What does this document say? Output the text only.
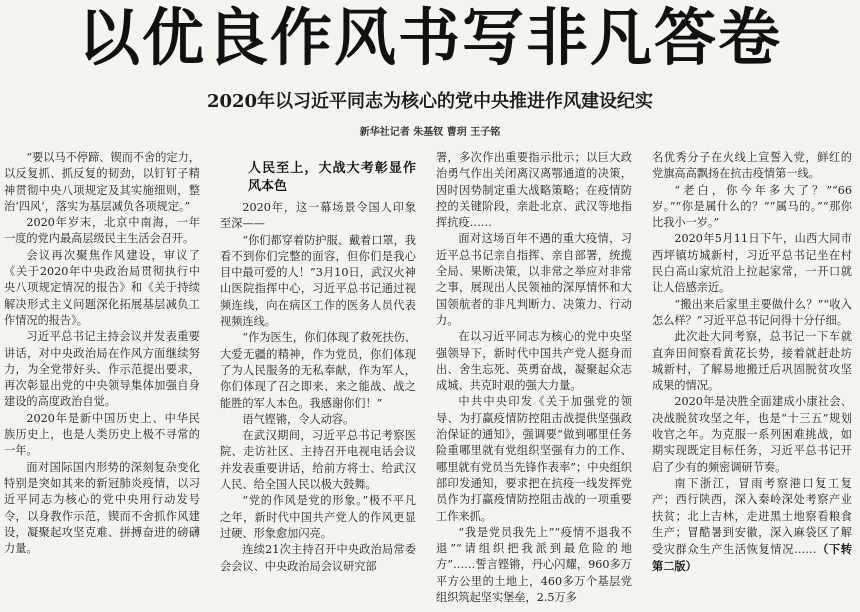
以优良作风书写非凡答卷
2020年以习近平同志为核心的党中央推进作风建设纪实
新华社记者 朱基钗 曹玥 王子铭

“要以马不停蹄、锲而不舍的定力，以反复抓、抓反复的韧劲，以钉钉子精神贯彻中央八项规定及其实施细则，整治‘四风’，落实为基层减负各项规定。”

2020年岁末，北京中南海，一年一度的党内最高层级民主生活会召开。

会议再次聚焦作风建设，审议了《关于2020年中央政治局贯彻执行中央八项规定情况的报告》和《关于持续解决形式主义问题深化拓展基层减负工作情况的报告》。

习近平总书记主持会议并发表重要讲话，对中央政治局在作风方面继续努力，为全党带好头、作示范提出要求，再次彰显出党的中央领导集体加强自身建设的高度政治自觉。

2020年是新中国历史上、中华民族历史上，也是人类历史上极不寻常的一年。

面对国际国内形势的深刻复杂变化特别是突如其来的新冠肺炎疫情，以习近平同志为核心的党中央用行动发号令，以身教作示范，锲而不舍抓作风建设，凝聚起攻坚克难、拼搏奋进的磅礴力量。

人民至上，大战大考彰显作风本色

2020年，这一幕场景令国人印象至深——

“你们都穿着防护服、戴着口罩，我看不到你们完整的面容，但你们是我心目中最可爱的人！”3月10日，武汉火神山医院指挥中心，习近平总书记通过视频连线，向在病区工作的医务人员代表视频连线。

“作为医生，你们体现了救死扶伤、大爱无疆的精神，作为党员，你们体现了为人民服务的无私奉献，作为军人，你们体现了召之即来、来之能战、战之能胜的军人本色。我感谢你们！”

语气铿锵，令人动容。

在武汉期间，习近平总书记考察医院、走访社区、主持召开电视电话会议并发表重要讲话，给前方将士、给武汉人民、给全国人民以极大鼓舞。

“党的作风是党的形象。”极不平凡之年，新时代中国共产党人的作风更显过硬、形象愈加闪亮。

连续21次主持召开中央政治局常委会会议、中央政治局会议研究部

署，多次作出重要指示批示；以巨大政治勇气作出关闭离汉离鄂通道的决策，因时因势制定重大战略策略；在疫情防控的关键阶段，亲赴北京、武汉等地指挥抗疫……

面对这场百年不遇的重大疫情，习近平总书记亲自指挥、亲自部署，统揽全局、果断决策，以非常之举应对非常之事，展现出人民领袖的深厚情怀和大国领航者的非凡判断力、决策力、行动力。

在以习近平同志为核心的党中央坚强领导下，新时代中国共产党人挺身而出、舍生忘死、英勇奋战，凝聚起众志成城、共克时艰的强大力量。

中共中央印发《关于加强党的领导、为打赢疫情防控阻击战提供坚强政治保证的通知》，强调要“做到哪里任务险重哪里就有党组织坚强有力的工作、哪里就有党员当先锋作表率”；中央组织部印发通知，要求把在抗疫一线发挥党员作为打赢疫情防控阻击战的一项重要工作来抓。

“我是党员我先上”“疫情不退我不退”“请组织把我派到最危险的地方”……誓言铿锵，丹心闪耀，960多万平方公里的土地上，460多万个基层党组织筑起坚实堡垒，2.5万多

名优秀分子在火线上宣誓入党，鲜红的党旗高高飘扬在抗击疫情第一线。

“老白，你今年多大了？”“66岁。”“你是属什么的？”“属马的。”“那你比我小一岁。”

2020年5月11日下午，山西大同市西坪镇坊城新村，习近平总书记坐在村民白高山家炕沿上拉起家常，一开口就让人倍感亲近。

“搬出来后家里主要做什么？”“收入怎么样？”习近平总书记问得十分仔细。

此次赴大同考察，总书记一下车就直奔田间察看黄花长势，接着就赶赴坊城新村，了解易地搬迁后巩固脱贫攻坚成果的情况。

2020年是决胜全面建成小康社会、决战脱贫攻坚之年，也是“十三五”规划收官之年。为克服一系列困难挑战，如期实现既定目标任务，习近平总书记开启了少有的频密调研节奏。

南下浙江，冒雨考察港口复工复产；西行陕西，深入秦岭深处考察产业扶贫；北上吉林，走进黑土地察看粮食生产；冒酷暑到安徽，深入麻袋区了解受灾群众生产生活恢复情况……（下转第二版）
